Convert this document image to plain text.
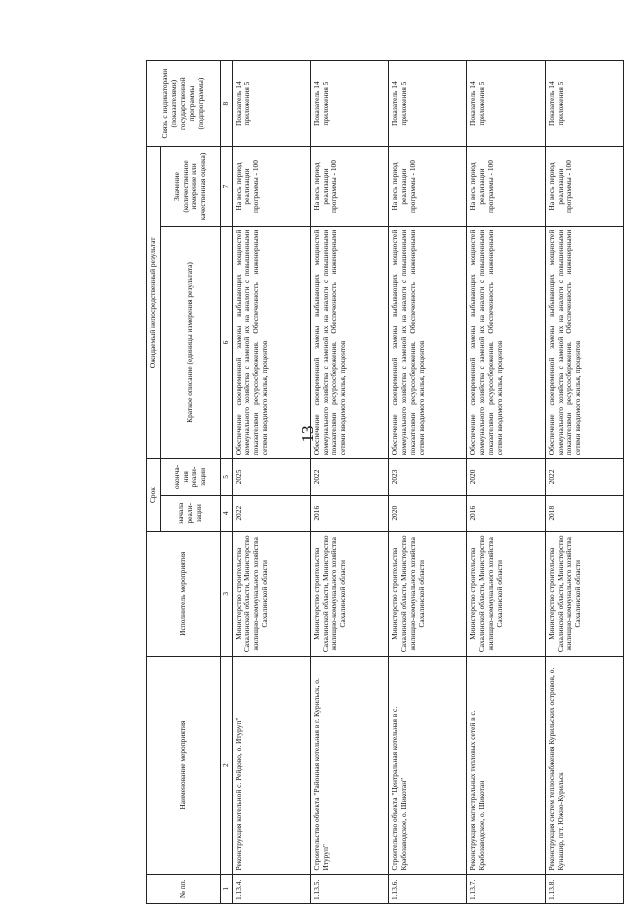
13
№ пп.	Наименование мероприятия	Исполнитель мероприятия	Срок		Ожидаемый непосредственный результат		Связь с индикаторами (показателями) государственной программы (подпрограммы)
			начала реали-зации	оконча-ния реали-зации	Краткое описание (единицы измерения результата)	Значение (количественное измерение или качественная оценка)	
1	2	3	4	5	6	7	8
1.13.4.	Реконструкция котельной с. Рейдово, о. Итуруп"	Министерство строительства Сахалинской области, Министерство жилищно-коммунального хозяйства Сахалинской области	2022	2025	Обеспечение своевременной замены выбывающих мощностей коммунального хозяйства с заменой их на аналоги с повышенными показателями ресурсосбережения. Обеспеченность инженерными сетями вводимого жилья, процентов	На весь период реализации программы - 100	Показатель 14 приложения 5
1.13.5.	Строительство объекта "Районная котельная в г. Курильск, о. Итуруп"	Министерство строительства Сахалинской области, Министерство жилищно-коммунального хозяйства Сахалинской области	2016	2022	Обеспечение своевременной замены выбывающих мощностей коммунального хозяйства с заменой их на аналоги с повышенными показателями ресурсосбережения. Обеспеченность инженерными сетями вводимого жилья, процентов	На весь период реализации программы - 100	Показатель 14 приложения 5
1.13.6.	Строительство объекта "Центральная котельная в с. Крабозаводское, о. Шикотан"	Министерство строительства Сахалинской области, Министерство жилищно-коммунального хозяйства Сахалинской области	2020	2023	Обеспечение своевременной замены выбывающих мощностей коммунального хозяйства с заменой их на аналоги с повышенными показателями ресурсосбережения. Обеспеченность инженерными сетями вводимого жилья, процентов	На весь период реализации программы - 100	Показатель 14 приложения 5
1.13.7.	Реконструкция магистральных тепловых сетей в с. Крабозаводское, о. Шикотан	Министерство строительства Сахалинской области, Министерство жилищно-коммунального хозяйства Сахалинской области	2016	2020	Обеспечение своевременной замены выбывающих мощностей коммунального хозяйства с заменой их на аналоги с повышенными показателями ресурсосбережения. Обеспеченность инженерными сетями вводимого жилья, процентов	На весь период реализации программы - 100	Показатель 14 приложения 5
1.13.8.	Реконструкция систем теплоснабжения Курильских островов, о. Кунашир, пгт. Южно-Курильск	Министерство строительства Сахалинской области, Министерство жилищно-коммунального хозяйства Сахалинской области	2018	2022	Обеспечение своевременной замены выбывающих мощностей коммунального хозяйства с заменой их на аналоги с повышенными показателями ресурсосбережения. Обеспеченность инженерными сетями вводимого жилья, процентов	На весь период реализации программы - 100	Показатель 14 приложения 5
